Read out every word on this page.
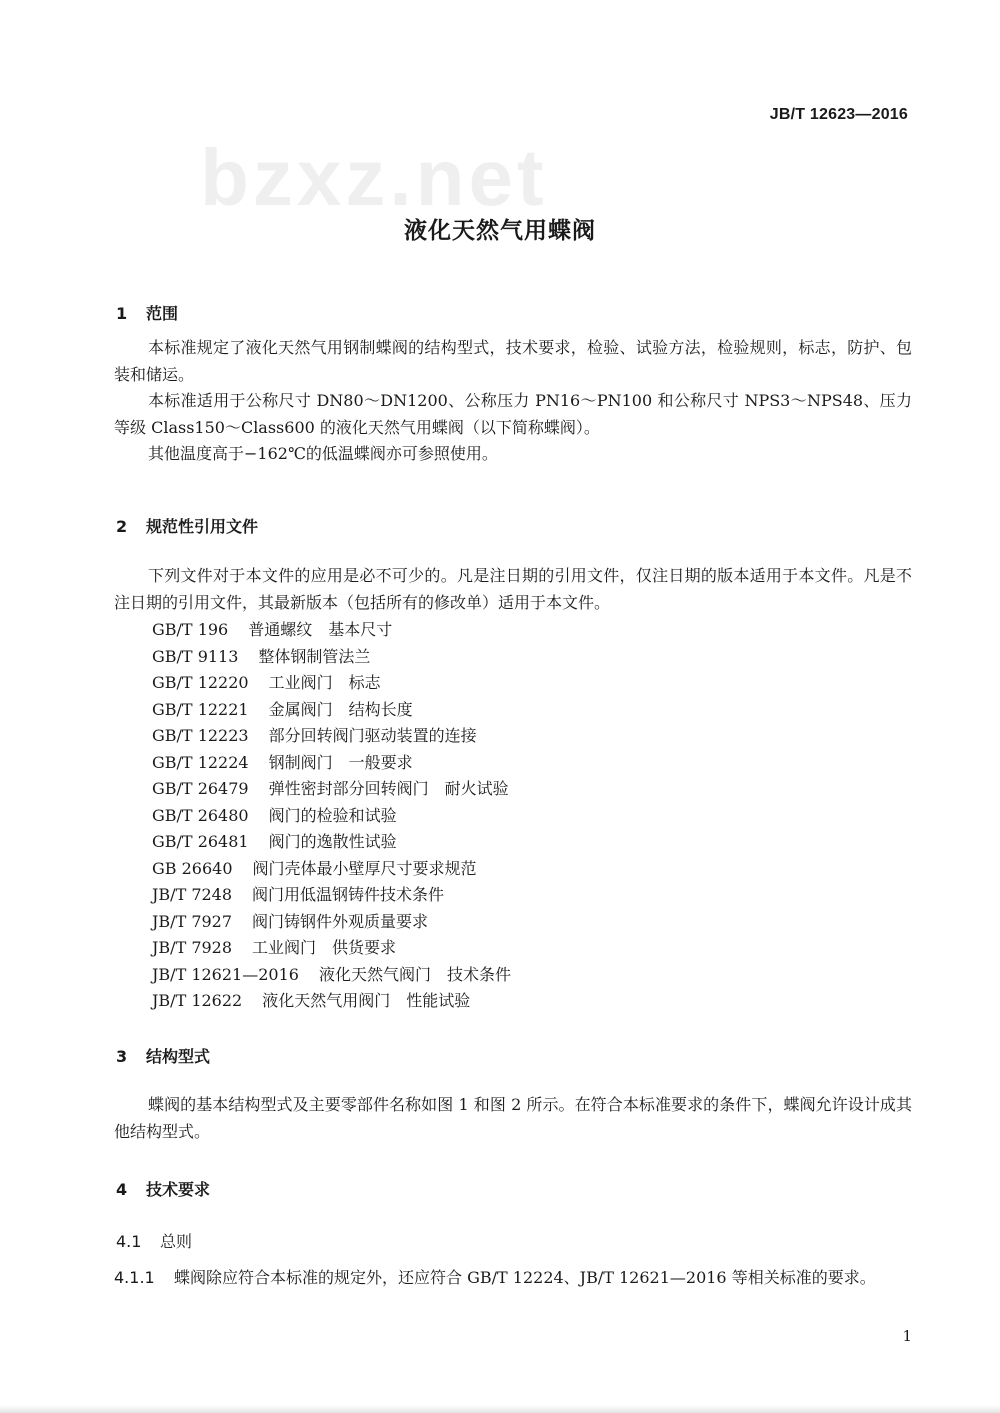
JB/T 12623—2016
bzxz.net
液化天然气用蝶阀
1 范围

本标准规定了液化天然气用钢制蝶阀的结构型式，技术要求，检验、试验方法，检验规则，标志，防护、包装和储运。

本标准适用于公称尺寸 DN80～DN1200、公称压力 PN16～PN100 和公称尺寸 NPS3～NPS48、压力等级 Class150～Class600 的液化天然气用蝶阀（以下简称蝶阀）。

其他温度高于−162℃的低温蝶阀亦可参照使用。

2 规范性引用文件

下列文件对于本文件的应用是必不可少的。凡是注日期的引用文件，仅注日期的版本适用于本文件。凡是不注日期的引用文件，其最新版本（包括所有的修改单）适用于本文件。

GB/T 196 普通螺纹　基本尺寸
GB/T 9113 整体钢制管法兰
GB/T 12220 工业阀门　标志
GB/T 12221 金属阀门　结构长度
GB/T 12223 部分回转阀门驱动装置的连接
GB/T 12224 钢制阀门　一般要求
GB/T 26479 弹性密封部分回转阀门　耐火试验
GB/T 26480 阀门的检验和试验
GB/T 26481 阀门的逸散性试验
GB 26640 阀门壳体最小壁厚尺寸要求规范
JB/T 7248 阀门用低温钢铸件技术条件
JB/T 7927 阀门铸钢件外观质量要求
JB/T 7928 工业阀门　供货要求
JB/T 12621—2016 液化天然气阀门　技术条件
JB/T 12622 液化天然气用阀门　性能试验
3 结构型式

蝶阀的基本结构型式及主要零部件名称如图 1 和图 2 所示。在符合本标准要求的条件下，蝶阀允许设计成其他结构型式。

4 技术要求
4.1 总则
4.1.1 蝶阀除应符合本标准的规定外，还应符合 GB/T 12224、JB/T 12621—2016 等相关标准的要求。
1
